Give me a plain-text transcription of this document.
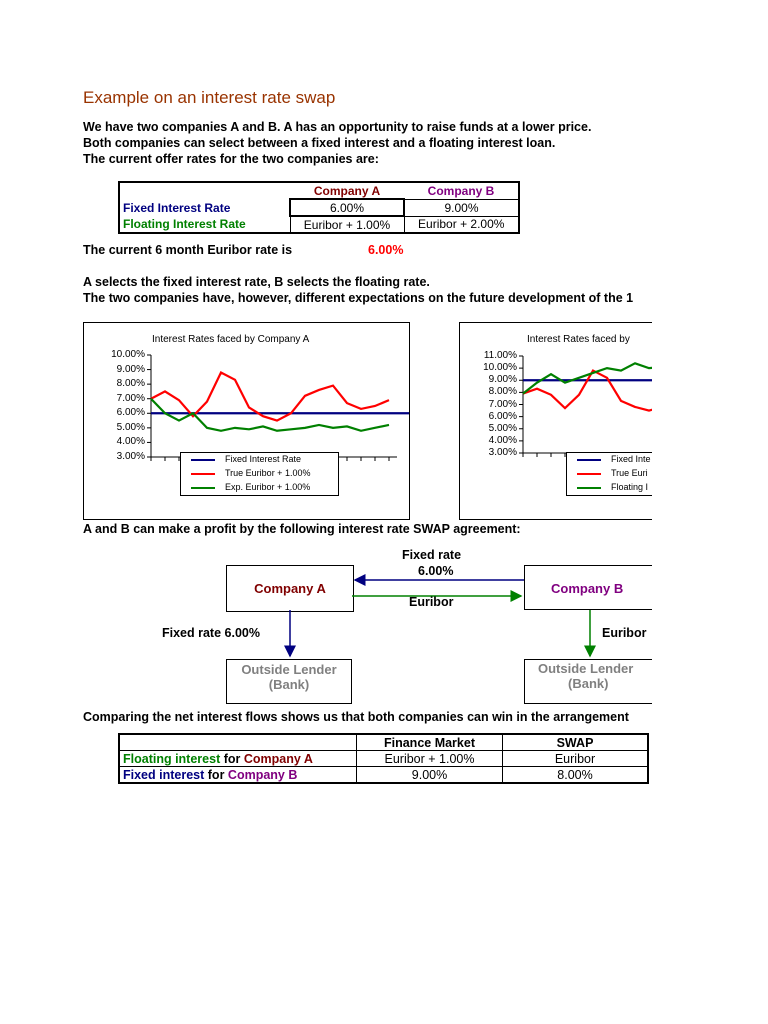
Example on an interest rate swap
We have two companies A and B. A has an opportunity to raise funds at a lower price.
Both companies can select between a fixed interest and a floating interest loan.
The current offer rates for the two companies are:
	Company A	Company B
Fixed Interest Rate	6.00%	9.00%
Floating Interest Rate	Euribor + 1.00%	Euribor + 2.00%
The current 6 month Euribor rate is	6.00%
A selects the fixed interest rate, B selects the floating rate.
The two companies have, however, different expectations on the future development of the 1
Interest Rates faced by Company A
10.00%
9.00%
8.00%
7.00%
6.00%
5.00%
4.00%
3.00%	Fixed Interest Rate
True Euribor + 1.00%
Exp. Euribor + 1.00%
Interest Rates faced by
11.00%
10.00%
9.00%
8.00%
7.00%
6.00%
5.00%
4.00%
3.00%
Fixed Inte
True Euri
Floating I
A and B can make a profit by the following interest rate SWAP agreement:
Fixed rate
6.00%
Company A	Company B
Euribor
Fixed rate 6.00%	Euribor
Outside Lender
(Bank)
Outside Lender
(Bank)
Comparing the net interest flows shows us that both companies can win in the arrangement
	Finance Market	SWAP
Floating interest for Company A	Euribor + 1.00%	Euribor
Fixed interest for Company B	9.00%	8.00%
